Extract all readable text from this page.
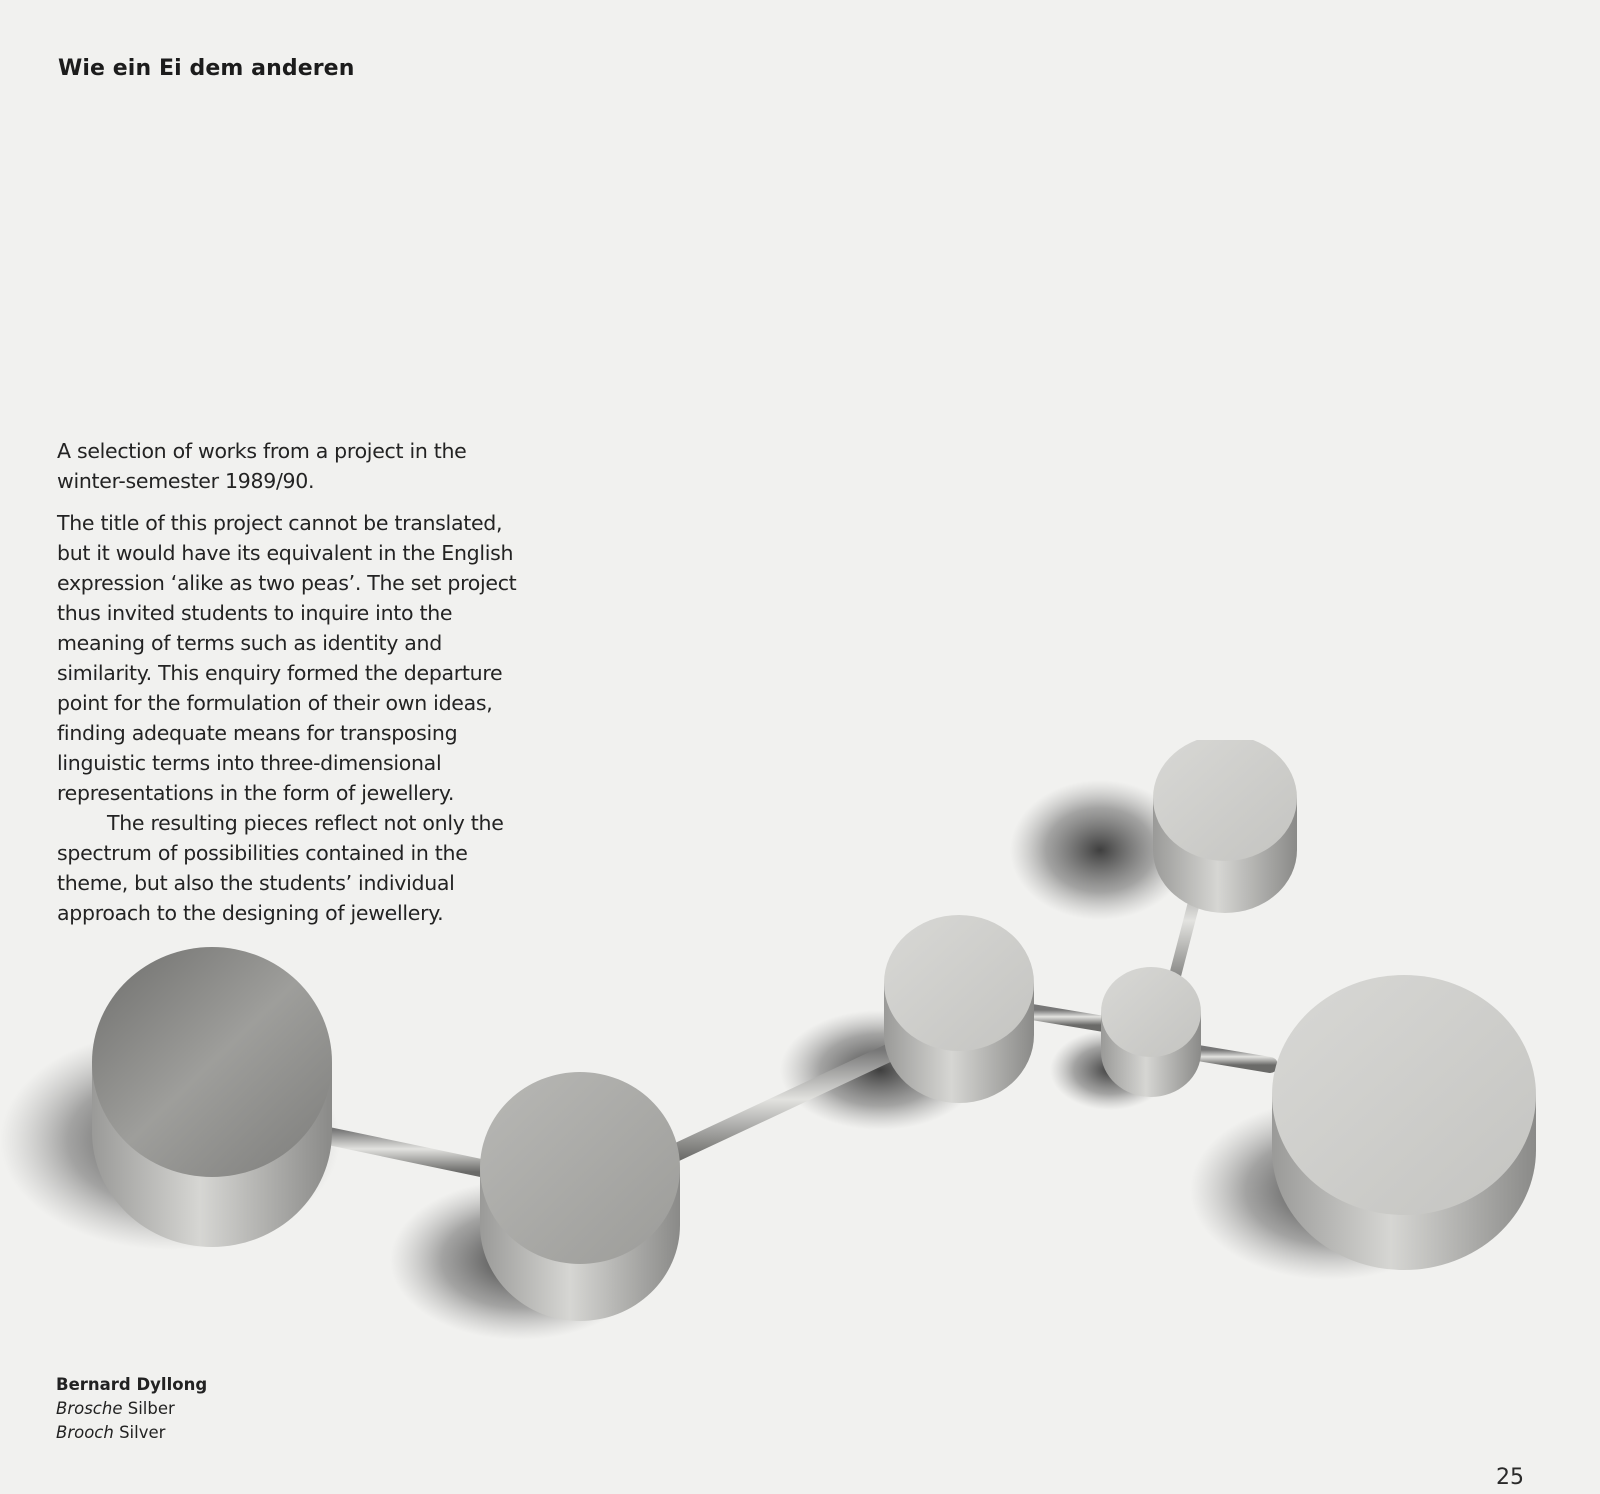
Wie ein Ei dem anderen

A selection of works from a project in the winter-semester 1989/90.

The title of this project cannot be translated, but it would have its equivalent in the English expression ‘alike as two peas’. The set project thus invited students to inquire into the meaning of terms such as identity and similarity. This enquiry formed the departure point for the formulation of their own ideas, finding adequate means for transposing linguistic terms into three-dimensional representations in the form of jewellery.

The resulting pieces reflect not only the spectrum of possibilities contained in the theme, but also the students’ individual approach to the designing of jewellery.

Bernard Dyllong
Brosche Silber
Brooch Silver
25
